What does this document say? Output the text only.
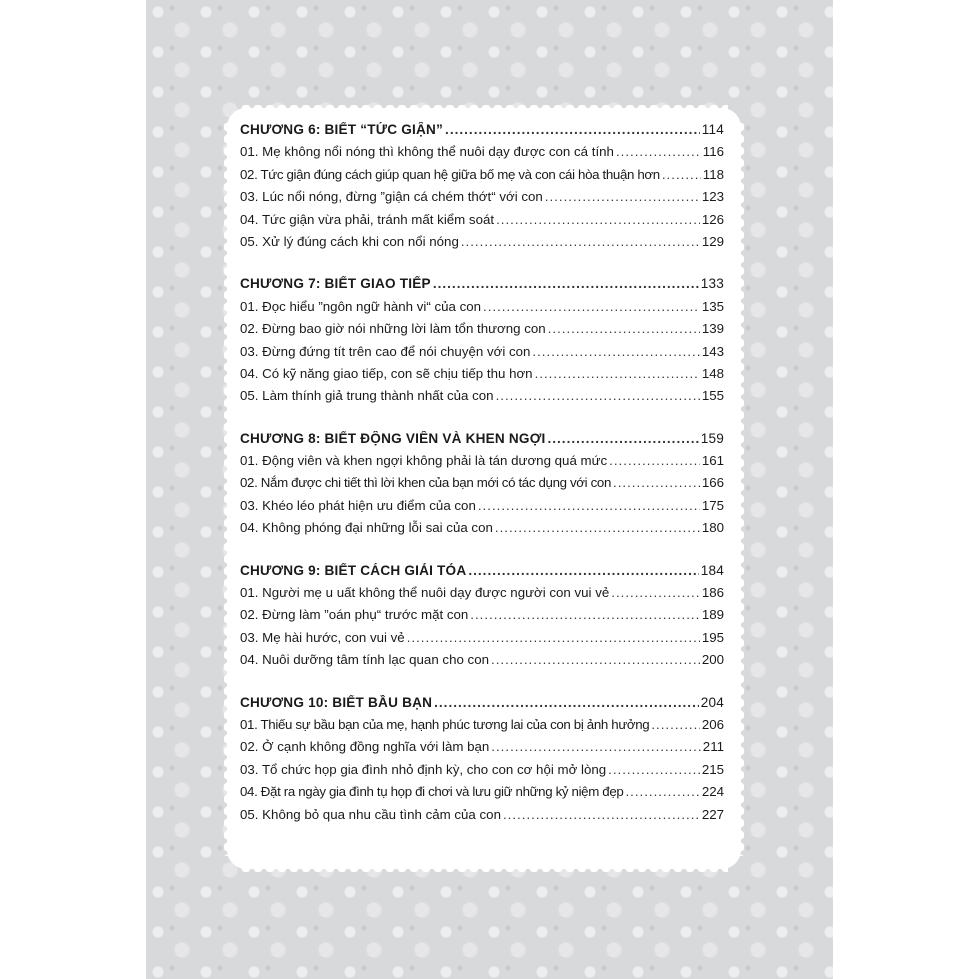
CHƯƠNG 6: BIẾT “TỨC GIẬN” .....	114
01. Mẹ không nổi nóng thì không thể nuôi dạy được con cá tính .....	116
02. Tức giận đúng cách giúp quan hệ giữa bố mẹ và con cái hòa thuận hơn .....	118
03. Lúc nổi nóng, đừng ”giận cá chém thớt“ với con .....	123
04. Tức giận vừa phải, tránh mất kiểm soát .....	126
05. Xử lý đúng cách khi con nổi nóng .....	129
CHƯƠNG 7: BIẾT GIAO TIẾP .....	133
01. Đọc hiểu ”ngôn ngữ hành vi“ của con .....	135
02. Đừng bao giờ nói những lời làm tổn thương con .....	139
03. Đừng đứng tít trên cao để nói chuyện với con .....	143
04. Có kỹ năng giao tiếp, con sẽ chịu tiếp thu hơn .....	148
05. Làm thính giả trung thành nhất của con .....	155
CHƯƠNG 8: BIẾT ĐỘNG VIÊN VÀ KHEN NGỢI .....	159
01. Động viên và khen ngợi không phải là tán dương quá mức .....	161
02. Nắm được chi tiết thì lời khen của bạn mới có tác dụng với con .....	166
03. Khéo léo phát hiện ưu điểm của con .....	175
04. Không phóng đại những lỗi sai của con .....	180
CHƯƠNG 9: BIẾT CÁCH GIẢI TỎA .....	184
01. Người mẹ u uất không thể nuôi dạy được người con vui vẻ .....	186
02. Đừng làm ”oán phụ“ trước mặt con .....	189
03. Mẹ hài hước, con vui vẻ .....	195
04. Nuôi dưỡng tâm tính lạc quan cho con .....	200
CHƯƠNG 10: BIẾT BẦU BẠN .....	204
01. Thiếu sự bầu bạn của mẹ, hạnh phúc tương lai của con bị ảnh hưởng .....	206
02. Ở cạnh không đồng nghĩa với làm bạn .....	211
03. Tổ chức họp gia đình nhỏ định kỳ, cho con cơ hội mở lòng .....	215
04. Đặt ra ngày gia đình tụ họp đi chơi và lưu giữ những kỷ niệm đẹp .....	224
05. Không bỏ qua nhu cầu tình cảm của con .....	227
